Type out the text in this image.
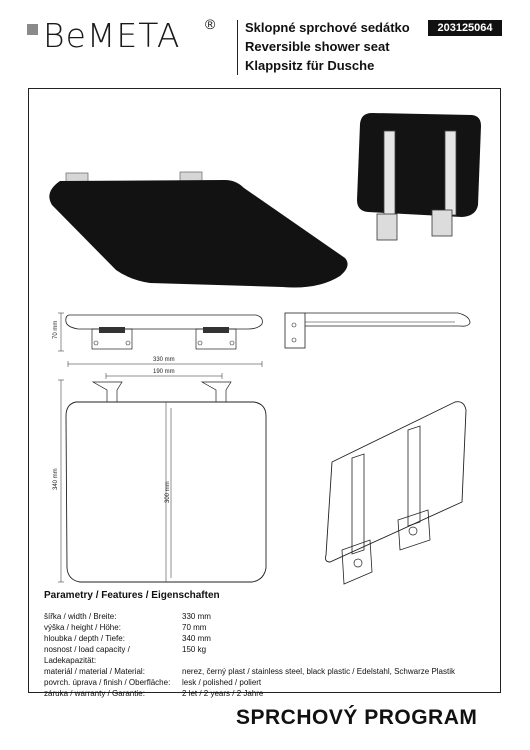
BeMETA ® Sklopné sprchové sedátko
Reversible shower seat
Klappsitz für Dusche
203125064
70 mm
330 mm
190 mm
340 mm
300 mm
Parametry / Features / Eigenschaften
šířka / width / Breite:	330 mm
výška / height / Höhe:	70 mm
hloubka / depth / Tiefe:	340 mm
nosnost / load capacity / Ladekapazität:
150 kg
materiál / material / Material:	nerez, černý plast / stainless steel, black plastic / Edelstahl, Schwarze Plastik
povrch. úprava / finish / Oberfläche:	lesk / polished / poliert
záruka / warranty / Garantie:	2 let / 2 years / 2 Jahre
SPRCHOVÝ PROGRAM
